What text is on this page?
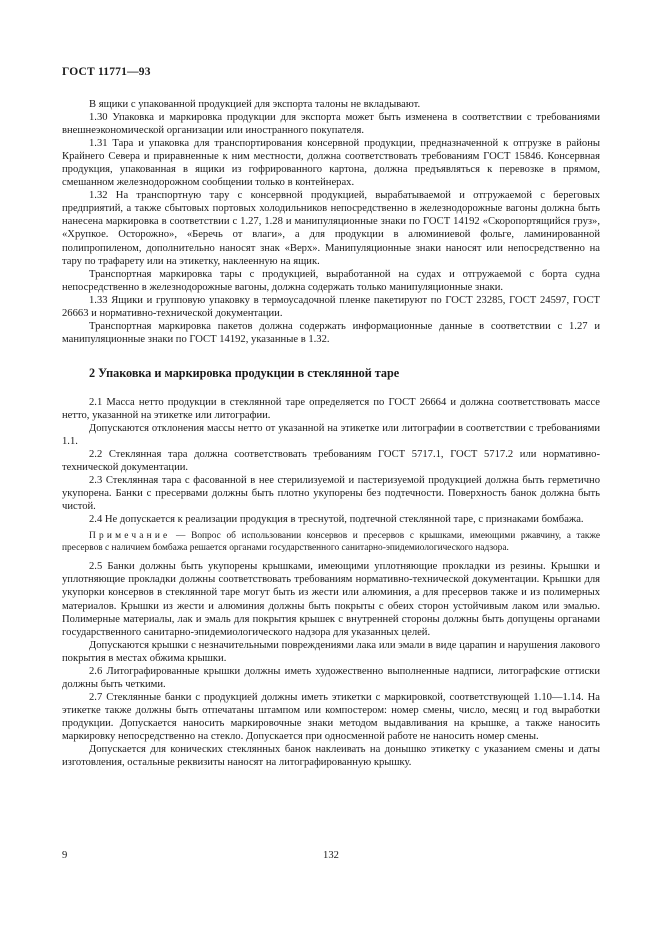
ГОСТ 11771—93

В ящики с упакованной продукцией для экспорта талоны не вкладывают.

1.30 Упаковка и маркировка продукции для экспорта может быть изменена в соответствии с требованиями внешнеэкономической организации или иностранного покупателя.

1.31 Тара и упаковка для транспортирования консервной продукции, предназначенной к отгрузке в районы Крайнего Севера и приравненные к ним местности, должна соответствовать требованиям ГОСТ 15846. Консервная продукция, упакованная в ящики из гофрированного картона, должна предъявляться к перевозке в прямом, смешанном железнодорожном сообщении только в контейнерах.

1.32 На транспортную тару с консервной продукцией, вырабатываемой и отгружаемой с береговых предприятий, а также сбытовых портовых холодильников непосредственно в железнодорожные вагоны должна быть нанесена маркировка в соответствии с 1.27, 1.28 и манипуляционные знаки по ГОСТ 14192 «Скоропортящийся груз», «Хрупкое. Осторожно», «Беречь от влаги», а для продукции в алюминиевой фольге, ламинированной полипропиленом, дополнительно наносят знак «Верх». Манипуляционные знаки наносят или непосредственно на тару по трафарету или на этикетку, наклеенную на ящик.

Транспортная маркировка тары с продукцией, выработанной на судах и отгружаемой с борта судна непосредственно в железнодорожные вагоны, должна содержать только манипуляционные знаки.

1.33 Ящики и групповую упаковку в термоусадочной пленке пакетируют по ГОСТ 23285, ГОСТ 24597, ГОСТ 26663 и нормативно-технической документации.

Транспортная маркировка пакетов должна содержать информационные данные в соответствии с 1.27 и манипуляционные знаки по ГОСТ 14192, указанные в 1.32.

2 Упаковка и маркировка продукции в стеклянной таре

2.1 Масса нетто продукции в стеклянной таре определяется по ГОСТ 26664 и должна соответствовать массе нетто, указанной на этикетке или литографии.

Допускаются отклонения массы нетто от указанной на этикетке или литографии в соответствии с требованиями 1.1.

2.2 Стеклянная тара должна соответствовать требованиям ГОСТ 5717.1, ГОСТ 5717.2 или нормативно-технической документации.

2.3 Стеклянная тара с фасованной в нее стерилизуемой и пастеризуемой продукцией должна быть герметично укупорена. Банки с пресервами должны быть плотно укупорены без подтечности. Поверхность банок должна быть чистой.

2.4 Не допускается к реализации продукция в треснутой, подтечной стеклянной таре, с признаками бомбажа.

Примечание — Вопрос об использовании консервов и пресервов с крышками, имеющими ржавчину, а также пресервов с наличием бомбажа решается органами государственного санитарно-эпидемиологического надзора.

2.5 Банки должны быть укупорены крышками, имеющими уплотняющие прокладки из резины. Крышки и уплотняющие прокладки должны соответствовать требованиям нормативно-технической документации. Крышки для укупорки консервов в стеклянной таре могут быть из жести или алюминия, а для пресервов также и из полимерных материалов. Крышки из жести и алюминия должны быть покрыты с обеих сторон устойчивым лаком или эмалью. Полимерные материалы, лак и эмаль для покрытия крышек с внутренней стороны должны быть допущены органами государственного санитарно-эпидемиологического надзора для указанных целей.

Допускаются крышки с незначительными повреждениями лака или эмали в виде царапин и нарушения лакового покрытия в местах обжима крышки.

2.6 Литографированные крышки должны иметь художественно выполненные надписи, литографские оттиски должны быть четкими.

2.7 Стеклянные банки с продукцией должны иметь этикетки с маркировкой, соответствующей 1.10—1.14. На этикетке также должны быть отпечатаны штампом или компостером: номер смены, число, месяц и год выработки продукции. Допускается наносить маркировочные знаки методом выдавливания на крышке, а также наносить маркировку непосредственно на стекло. Допускается при односменной работе не наносить номер смены.

Допускается для конических стеклянных банок наклеивать на донышко этикетку с указанием смены и даты изготовления, остальные реквизиты наносят на литографированную крышку.

9	132
